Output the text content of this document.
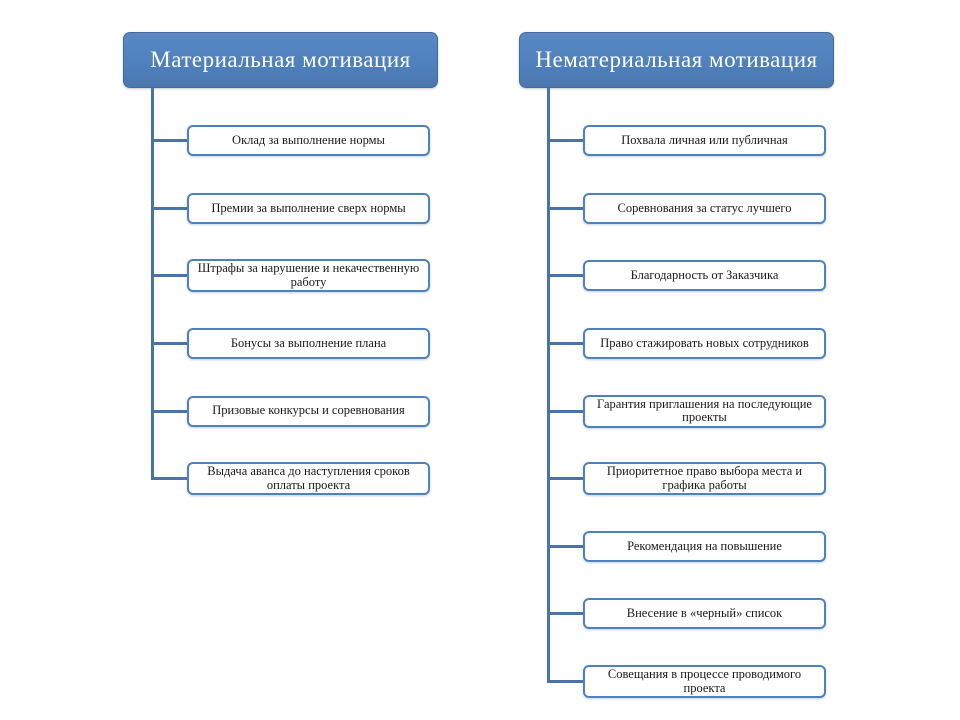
Материальная мотивация
Оклад за выполнение нормы
Премии за выполнение сверх нормы
Штрафы за нарушение и некачественную работу
Бонусы за выполнение плана
Призовые конкурсы и соревнования
Выдача аванса до наступления сроков оплаты проекта
Нематериальная мотивация
Похвала личная или публичная
Соревнования за статус лучшего
Благодарность от Заказчика
Право стажировать новых сотрудников
Гарантия приглашения на последующие проекты
Приоритетное право выбора места и графика работы
Рекомендация на повышение
Внесение в «черный» список
Совещания в процессе проводимого проекта
